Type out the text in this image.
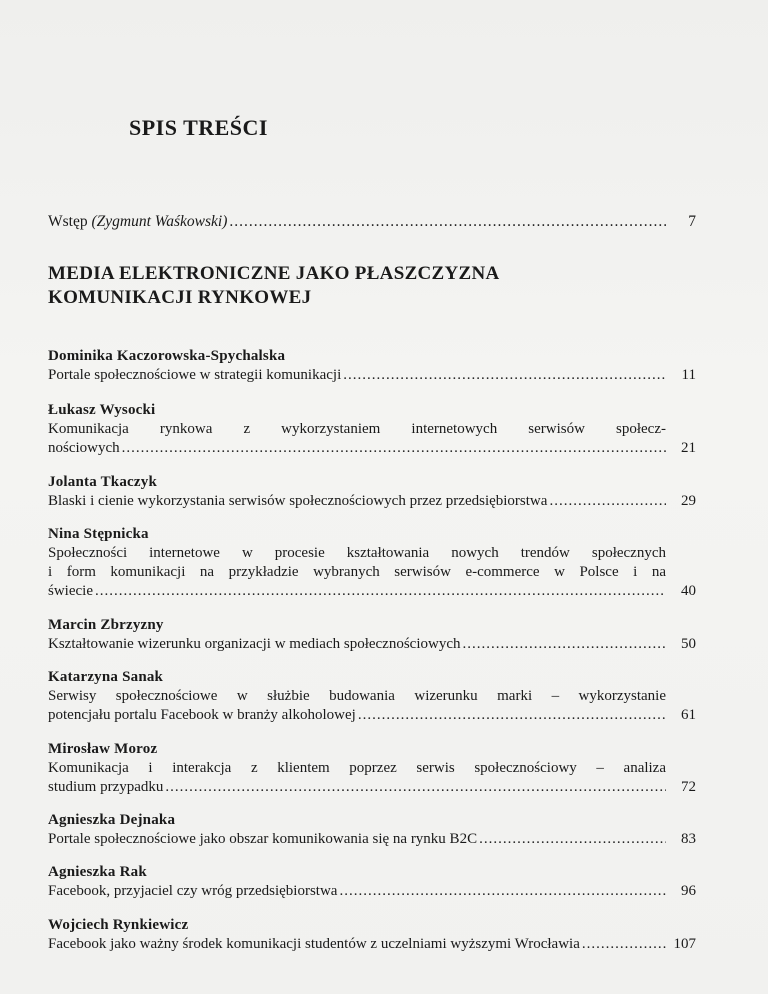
SPIS TREŚCI
Wstęp (Zygmunt Waśkowski) .....	7
MEDIA ELEKTRONICZNE JAKO PŁASZCZYZNA
KOMUNIKACJI RYNKOWEJ
Dominika Kaczorowska-Spychalska
Portale społecznościowe w strategii komunikacji .....	11
Łukasz Wysocki
Komunikacja rynkowa z wykorzystaniem internetowych serwisów społecz-
nościowych .....	21
Jolanta Tkaczyk
Blaski i cienie wykorzystania serwisów społecznościowych przez przedsiębiorstwa .....	29
Nina Stępnicka
Społeczności internetowe w procesie kształtowania nowych trendów społecznych
i form komunikacji na przykładzie wybranych serwisów e-commerce w Polsce i na
świecie .....	40
Marcin Zbrzyzny
Kształtowanie wizerunku organizacji w mediach społecznościowych .....	50
Katarzyna Sanak
Serwisy społecznościowe w służbie budowania wizerunku marki – wykorzystanie
potencjału portalu Facebook w branży alkoholowej .....	61
Mirosław Moroz
Komunikacja i interakcja z klientem poprzez serwis społecznościowy – analiza
studium przypadku .....	72
Agnieszka Dejnaka
Portale społecznościowe jako obszar komunikowania się na rynku B2C .....	83
Agnieszka Rak
Facebook, przyjaciel czy wróg przedsiębiorstwa .....	96
Wojciech Rynkiewicz
Facebook jako ważny środek komunikacji studentów z uczelniami wyższymi Wrocławia .....	107
